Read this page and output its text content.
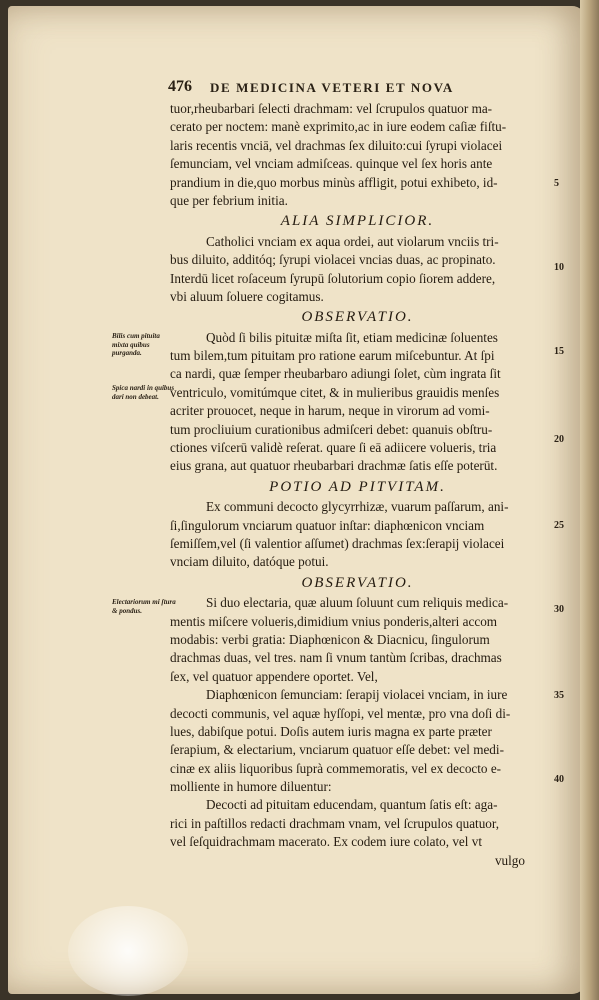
476 DE MEDICINA VETERI ET NOVA
tuor,rheubarbari ſelecti drachmam: vel ſcrupulos quatuor ma-
cerato per noctem: manè exprimito,ac in iure eodem caſiæ fiſtu-
laris recentis vnciā, vel drachmas ſex diluito:cui ſyrupi violacei
ſemunciam, vel vnciam admiſceas. quinque vel ſex horis ante
prandium in die,quo morbus minùs affligit, potui exhibeto, id-
que per febrium initia.
ALIA SIMPLICIOR.
Catholici vnciam ex aqua ordei, aut violarum vnciis tri-
bus diluito, additóq; ſyrupi violacei vncias duas, ac propinato.
Interdū licet roſaceum ſyrupū ſolutorium copio ſiorem addere,
vbi aluum ſoluere cogitamus.
OBSERVATIO.
Quòd ſi bilis pituitæ miſta ſit, etiam medicinæ ſoluentes
tum bilem,tum pituitam pro ratione earum miſcebuntur. At ſpi
ca nardi, quæ ſemper rheubarbaro adiungi ſolet, cùm ingrata ſit
ventriculo, vomitúmque citet, & in mulieribus grauidis menſes
acriter prouocet, neque in harum, neque in virorum ad vomi-
tum procliuium curationibus admiſceri debet: quanuis obſtru-
ctiones viſcerū validè reſerat. quare ſi eā adiicere volueris, tria
eius grana, aut quatuor rheubarbari drachmæ ſatis eſſe poterūt.
POTIO AD PITVITAM.
Ex communi decocto glycyrrhizæ, vuarum paſſarum, ani-
ſi,ſingulorum vnciarum quatuor inſtar: diaphœnicon vnciam
ſemiſſem,vel (ſi valentior aſſumet) drachmas ſex:ſerapij violacei
vnciam diluito, datóque potui.
OBSERVATIO.
Si duo electaria, quæ aluum ſoluunt cum reliquis medica-
mentis miſcere volueris,dimidium vnius ponderis,alteri accom
modabis: verbi gratia: Diaphœnicon & Diacnicu, ſingulorum
drachmas duas, vel tres. nam ſi vnum tantùm ſcribas, drachmas
ſex, vel quatuor appendere oportet. Vel,
Diaphœnicon ſemunciam: ſerapij violacei vnciam, in iure
decocti communis, vel aquæ hyſſopi, vel mentæ, pro vna doſi di-
lues, dabiſque potui. Doſis autem iuris magna ex parte præter
ſerapium, & electarium, vnciarum quatuor eſſe debet: vel medi-
cinæ ex aliis liquoribus ſuprà commemoratis, vel ex decocto e-
molliente in humore diluentur:
Decocti ad pituitam educendam, quantum ſatis eſt: aga-
rici in paſtillos redacti drachmam vnam, vel ſcrupulos quatuor,
vel ſeſquidrachmam macerato. Ex codem iure colato, vel vt
vulgo
Bilis cum pituita mixta quibus purganda.
Spica nardi in quibus dari non debeat.
Electariorum mi ſtura & pondus.
5
10
15
20
25
30
35
40
